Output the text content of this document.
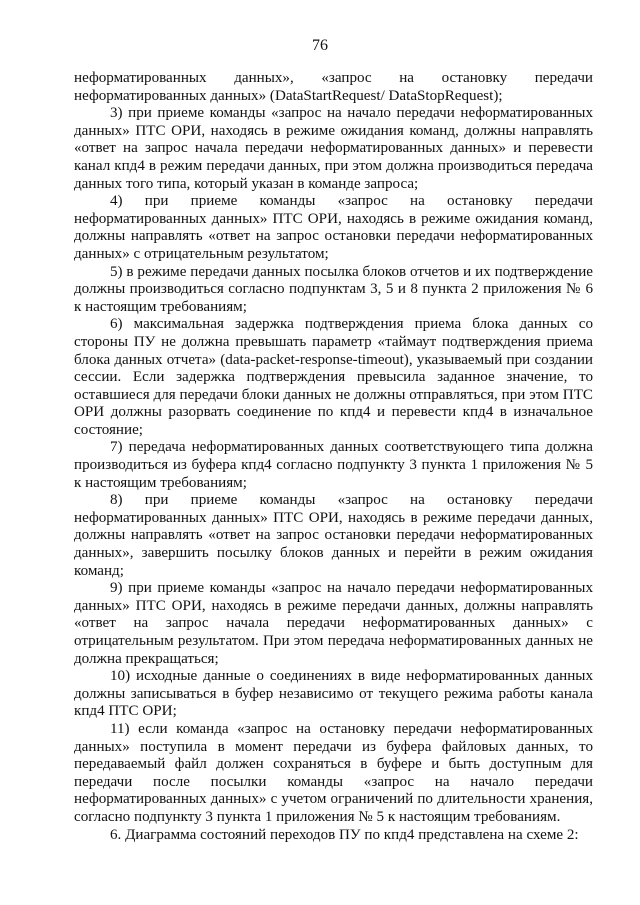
76

неформатированных данных», «запрос на остановку передачи неформатированных данных» (DataStartRequest/ DataStopRequest);

3) при приеме команды «запрос на начало передачи неформатированных данных» ПТС ОРИ, находясь в режиме ожидания команд, должны направлять «ответ на запрос начала передачи неформатированных данных» и перевести канал кпд4 в режим передачи данных, при этом должна производиться передача данных того типа, который указан в команде запроса;

4) при приеме команды «запрос на остановку передачи неформатированных данных» ПТС ОРИ, находясь в режиме ожидания команд, должны направлять «ответ на запрос остановки передачи неформатированных данных» с отрицательным результатом;

5) в режиме передачи данных посылка блоков отчетов и их подтверждение должны производиться согласно подпунктам 3, 5 и 8 пункта 2 приложения № 6 к настоящим требованиям;

6) максимальная задержка подтверждения приема блока данных со стороны ПУ не должна превышать параметр «таймаут подтверждения приема блока данных отчета» (data-packet-response-timeout), указываемый при создании сессии. Если задержка подтверждения превысила заданное значение, то оставшиеся для передачи блоки данных не должны отправляться, при этом ПТС ОРИ должны разорвать соединение по кпд4 и перевести кпд4 в изначальное состояние;

7) передача неформатированных данных соответствующего типа должна производиться из буфера кпд4 согласно подпункту 3 пункта 1 приложения № 5 к настоящим требованиям;

8) при приеме команды «запрос на остановку передачи неформатированных данных» ПТС ОРИ, находясь в режиме передачи данных, должны направлять «ответ на запрос остановки передачи неформатированных данных», завершить посылку блоков данных и перейти в режим ожидания команд;

9) при приеме команды «запрос на начало передачи неформатированных данных» ПТС ОРИ, находясь в режиме передачи данных, должны направлять «ответ на запрос начала передачи неформатированных данных» с отрицательным результатом. При этом передача неформатированных данных не должна прекращаться;

10) исходные данные о соединениях в виде неформатированных данных должны записываться в буфер независимо от текущего режима работы канала кпд4 ПТС ОРИ;

11) если команда «запрос на остановку передачи неформатированных данных» поступила в момент передачи из буфера файловых данных, то передаваемый файл должен сохраняться в буфере и быть доступным для передачи после посылки команды «запрос на начало передачи неформатированных данных» с учетом ограничений по длительности хранения, согласно подпункту 3 пункта 1 приложения № 5 к настоящим требованиям.

6. Диаграмма состояний переходов ПУ по кпд4 представлена на схеме 2:
